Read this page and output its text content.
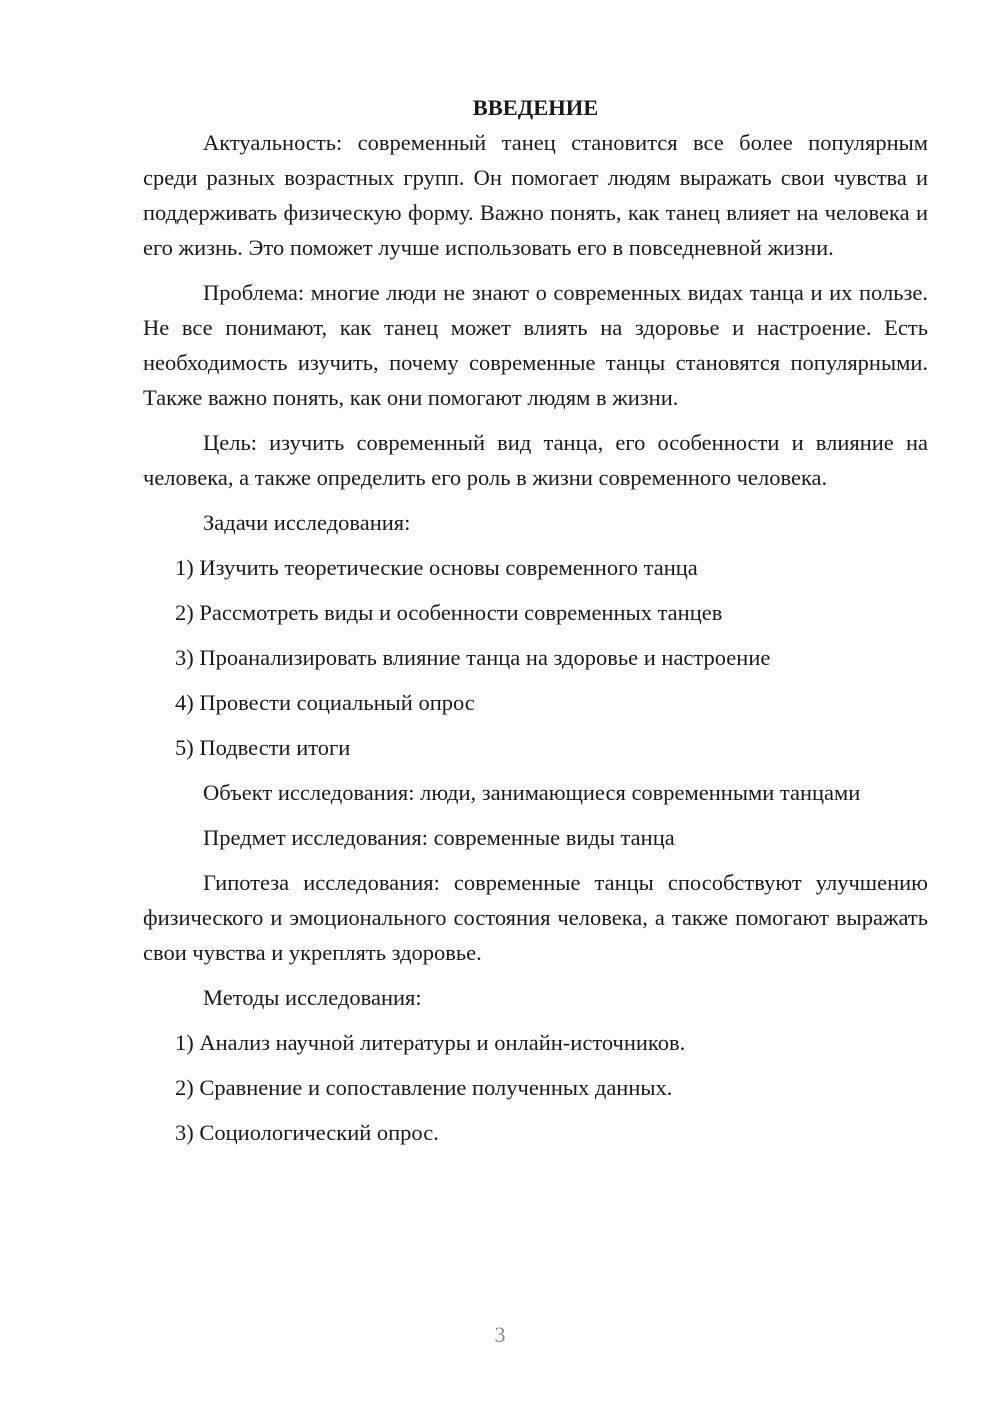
ВВЕДЕНИЕ

Актуальность: современный танец становится все более популярным среди разных возрастных групп. Он помогает людям выражать свои чувства и поддерживать физическую форму. Важно понять, как танец влияет на человека и его жизнь. Это поможет лучше использовать его в повседневной жизни.

Проблема: многие люди не знают о современных видах танца и их пользе. Не все понимают, как танец может влиять на здоровье и настроение. Есть необходимость изучить, почему современные танцы становятся популярными. Также важно понять, как они помогают людям в жизни.

Цель: изучить современный вид танца, его особенности и влияние на человека, а также определить его роль в жизни современного человека.

Задачи исследования:

1) Изучить теоретические основы современного танца

2) Рассмотреть виды и особенности современных танцев

3) Проанализировать влияние танца на здоровье и настроение

4) Провести социальный опрос

5) Подвести итоги

Объект исследования: люди, занимающиеся современными танцами

Предмет исследования: современные виды танца

Гипотеза исследования: современные танцы способствуют улучшению физического и эмоционального состояния человека, а также помогают выражать свои чувства и укреплять здоровье.

Методы исследования:

1) Анализ научной литературы и онлайн-источников.

2) Сравнение и сопоставление полученных данных.

3) Социологический опрос.

3
